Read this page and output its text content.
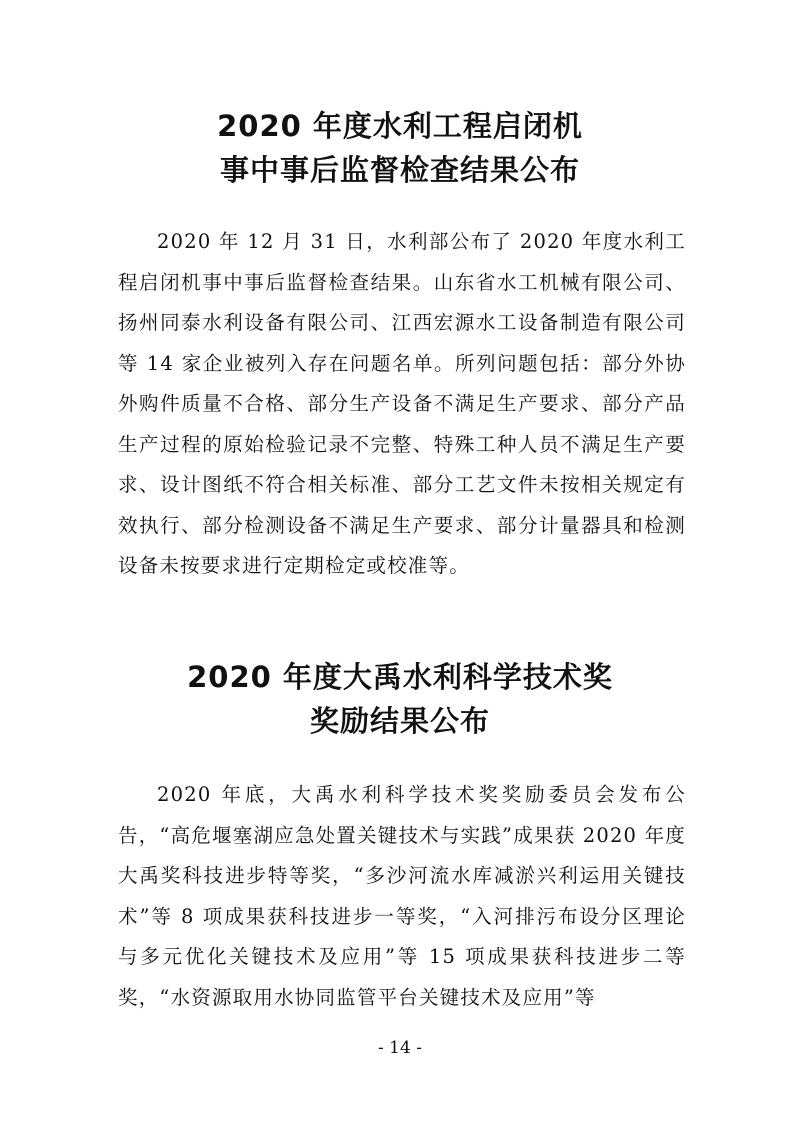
2020 年度水利工程启闭机
事中事后监督检查结果公布

2020 年 12 月 31 日，水利部公布了 2020 年度水利工程启闭机事中事后监督检查结果。山东省水工机械有限公司、扬州同泰水利设备有限公司、江西宏源水工设备制造有限公司等 14 家企业被列入存在问题名单。所列问题包括：部分外协外购件质量不合格、部分生产设备不满足生产要求、部分产品生产过程的原始检验记录不完整、特殊工种人员不满足生产要求、设计图纸不符合相关标准、部分工艺文件未按相关规定有效执行、部分检测设备不满足生产要求、部分计量器具和检测设备未按要求进行定期检定或校准等。

2020 年度大禹水利科学技术奖
奖励结果公布

2020 年底，大禹水利科学技术奖奖励委员会发布公告，“高危堰塞湖应急处置关键技术与实践”成果获 2020 年度大禹奖科技进步特等奖，“多沙河流水库减淤兴利运用关键技术”等 8 项成果获科技进步一等奖，“入河排污布设分区理论与多元优化关键技术及应用”等 15 项成果获科技进步二等奖，“水资源取用水协同监管平台关键技术及应用”等

- 14 -
